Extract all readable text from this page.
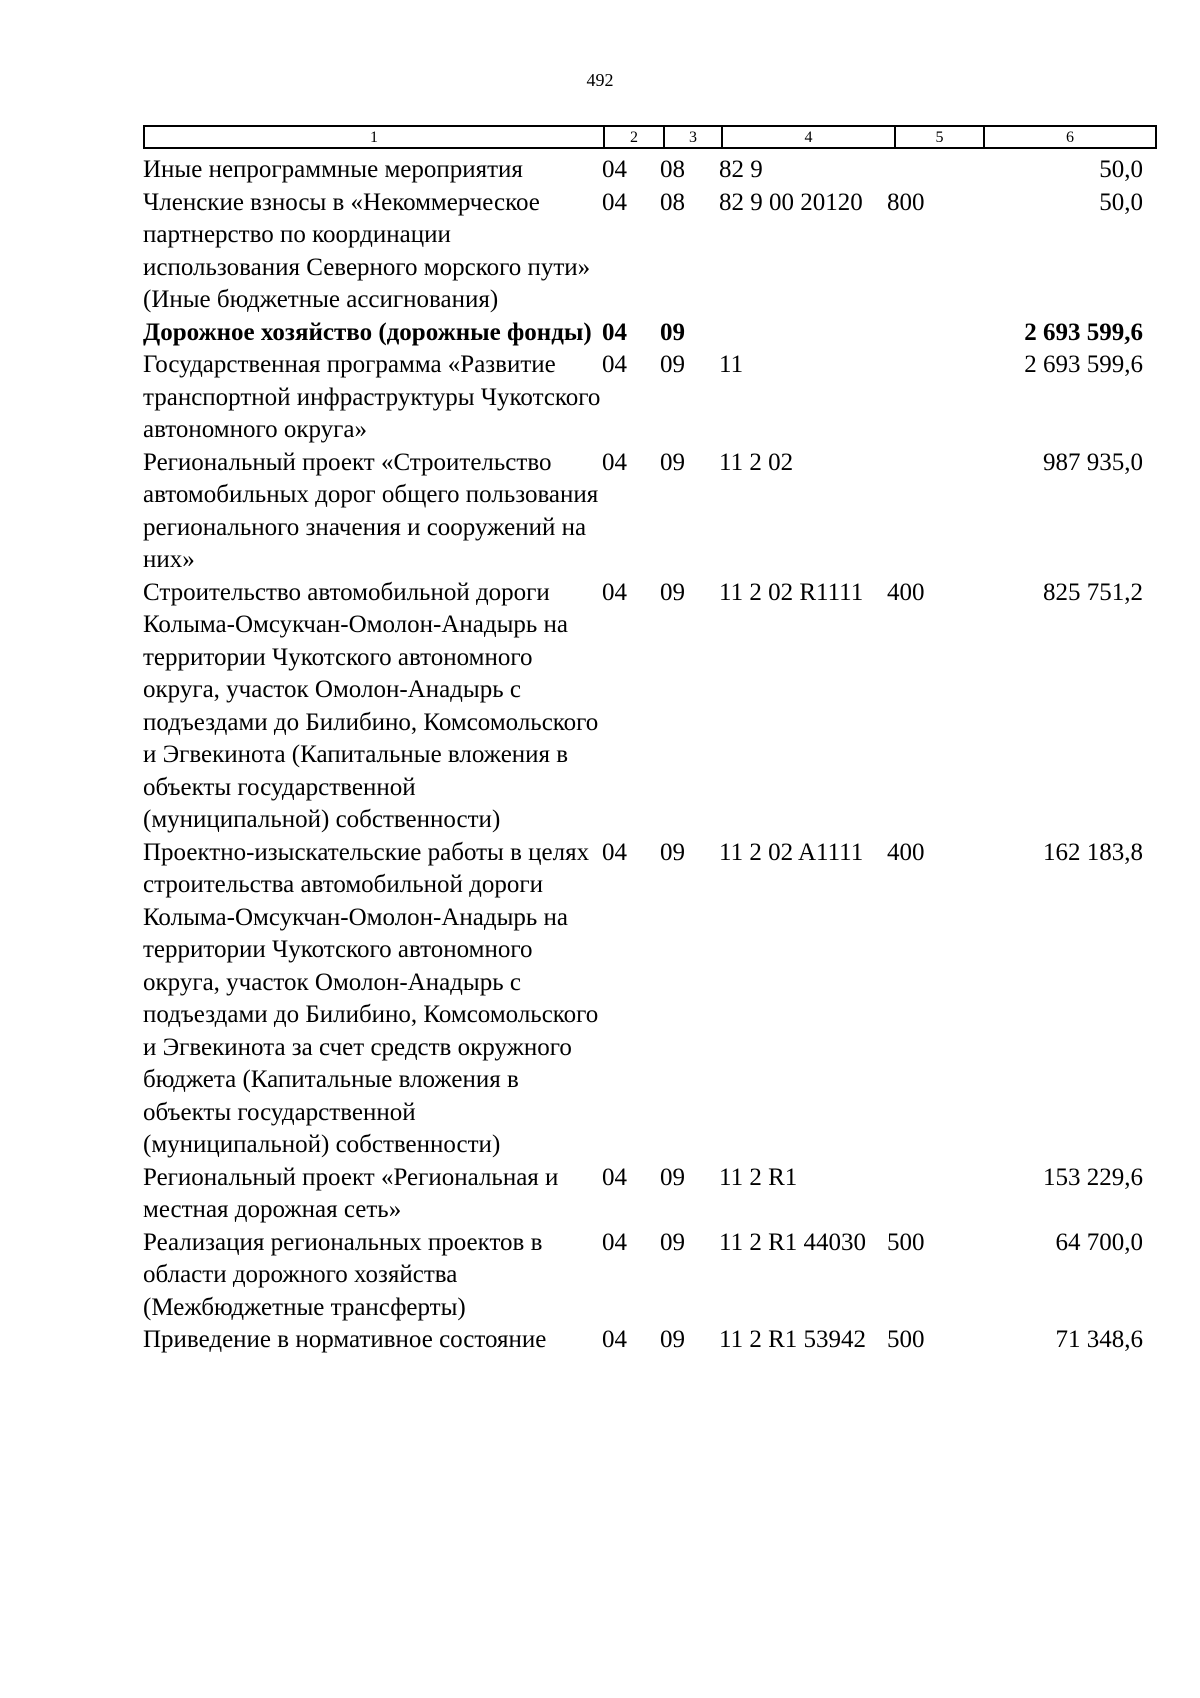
492
1	2	3	4	5	6
Иные непрограммные мероприятия	04	08	82 9		50,0
Членские взносы в «Некоммерческое партнерство по координации использования Северного морского пути» (Иные бюджетные ассигнования)	04	08	82 9 00 20120	800	50,0
Дорожное хозяйство (дорожные фонды)	04	09			2 693 599,6
Государственная программа «Развитие транспортной инфраструктуры Чукотского автономного округа»	04	09	11		2 693 599,6
Региональный проект «Строительство автомобильных дорог общего пользования регионального значения и сооружений на них»	04	09	11 2 02		987 935,0
Строительство автомобильной дороги Колыма-Омсукчан-Омолон-Анадырь на территории Чукотского автономного округа, участок Омолон-Анадырь с подъездами до Билибино, Комсомольского и Эгвекинота (Капитальные вложения в объекты государственной (муниципальной) собственности)	04	09	11 2 02 R1111	400	825 751,2
Проектно-изыскательские работы в целях строительства автомобильной дороги Колыма-Омсукчан-Омолон-Анадырь на территории Чукотского автономного округа, участок Омолон-Анадырь с подъездами до Билибино, Комсомольского и Эгвекинота за счет средств окружного бюджета (Капитальные вложения в объекты государственной (муниципальной) собственности)	04	09	11 2 02 A1111	400	162 183,8
Региональный проект «Региональная и местная дорожная сеть»	04	09	11 2 R1		153 229,6
Реализация региональных проектов в области дорожного хозяйства (Межбюджетные трансферты)	04	09	11 2 R1 44030	500	64 700,0
Приведение в нормативное состояние	04	09	11 2 R1 53942	500	71 348,6
